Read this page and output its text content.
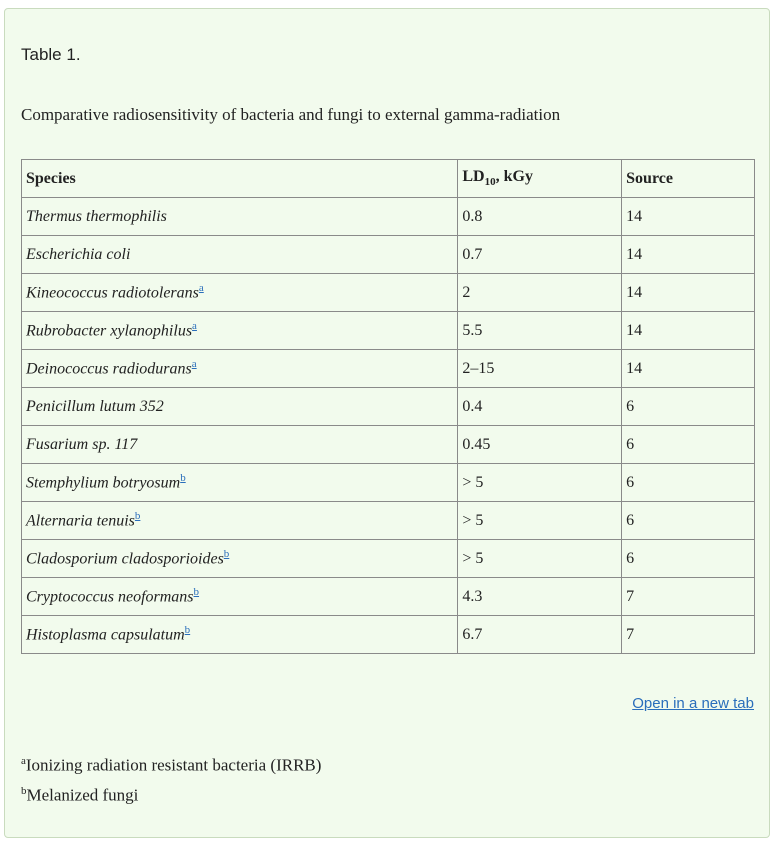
Table 1.
Comparative radiosensitivity of bacteria and fungi to external gamma-radiation
Species	$LD_{10}$, kGy	Source
Thermus thermophilis	0.8	14
Escherichia coli	0.7	14
Kineococcus radiotolerans$^a$	2	14
Rubrobacter xylanophilus$^a$	5.5	14
Deinococcus radiodurans$^a$	2–15	14
Penicillum lutum 352	0.4	6
Fusarium sp. 117	0.45	6
Stemphylium botryosum$^b$	> 5	6
Alternaria tenuis$^b$	> 5	6
Cladosporium cladosporioides$^b$	> 5	6
Cryptococcus neoformans$^b$	4.3	7
Histoplasma capsulatum$^b$	6.7	7
Open in a new tab
$^a$Ionizing radiation resistant bacteria (IRRB)
$^b$Melanized fungi
